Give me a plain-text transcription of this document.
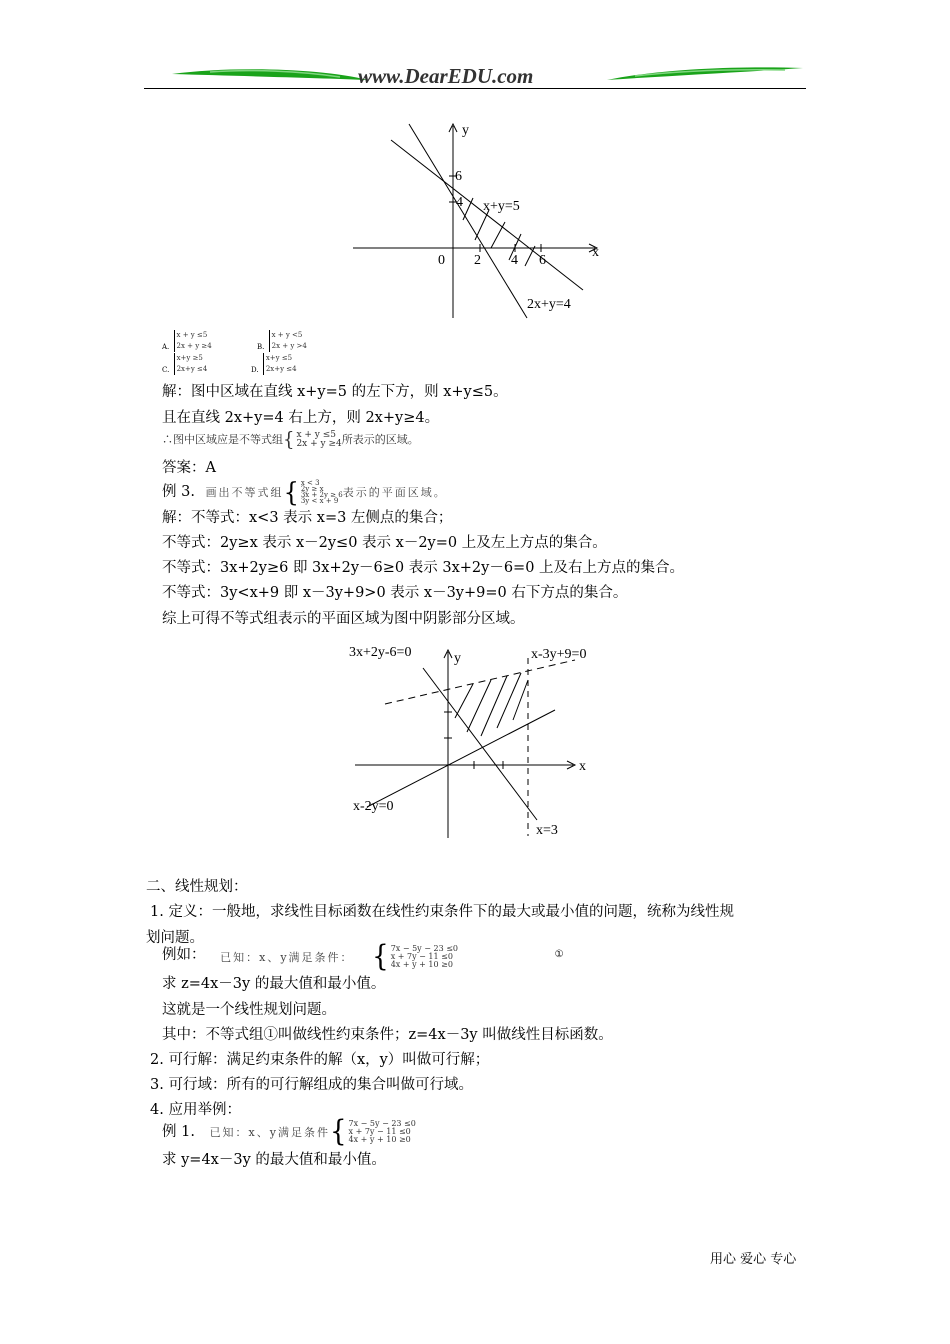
www.DearEDU.com
y
x
0 2 4 6
6
4 x+y=5
2x+y=4
A.
x + y ≤5
2x + y ≥4	B.
x + y <5
2x + y >4
C.
x+y ≥5
2x+y ≤4	D.
x+y ≤5
2x+y ≤4
解：图中区域在直线 x+y=5 的左下方，则 x+y≤5。
且在直线 2x+y=4 右上方，则 2x+y≥4。
∴图中区域应是不等式组 { x + y ≤5
2x + y ≥4 所表示的区域。
答案：A
例 3. 画出不等式组 { x < 3
2y ≥ x
3x + 2y ≥ 6
3y < x + 9
表示的平面区域。
解：不等式：x<3 表示 x=3 左侧点的集合；
不等式：2y≥x 表示 x－2y≤0 表示 x－2y=0 上及左上方点的集合。
不等式：3x+2y≥6 即 3x+2y－6≥0 表示 3x+2y－6=0 上及右上方点的集合。
不等式：3y<x+9 即 x－3y+9>0 表示 x－3y+9=0 右下方点的集合。
综上可得不等式组表示的平面区域为图中阴影部分区域。
3x+2y-6=0	y	x-3y+9=0
x
x-2y=0
x=3
二、线性规划：
1. 定义：一般地，求线性目标函数在线性约束条件下的最大或最小值的问题，统称为线性规
划问题。
例如： 已知：x、y满足条件： { 7x − 5y − 23 ≤0
x + 7y − 11 ≤0
4x + y + 10 ≥0
①
求 z=4x－3y 的最大值和最小值。
这就是一个线性规划问题。
其中：不等式组①叫做线性约束条件；z=4x－3y 叫做线性目标函数。
2. 可行解：满足约束条件的解（x，y）叫做可行解；
3. 可行域：所有的可行解组成的集合叫做可行域。
4. 应用举例：
例 1. 已知：x、y满足条件 { 7x − 5y − 23 ≤0
x + 7y − 11 ≤0
4x + y + 10 ≥0
求 y=4x－3y 的最大值和最小值。
用心 爱心 专心
